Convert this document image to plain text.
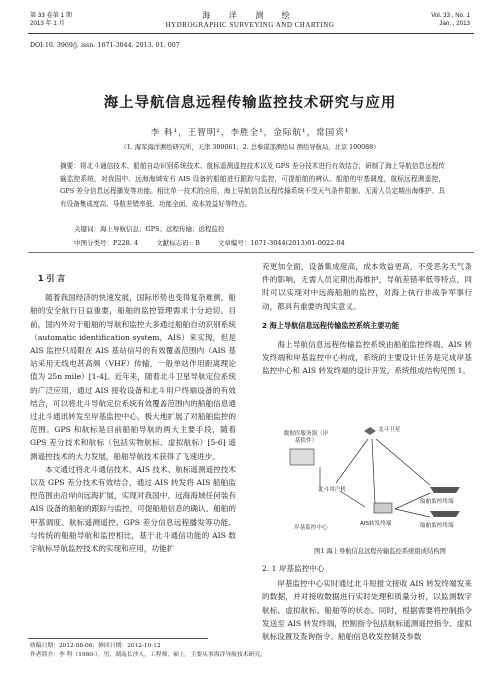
第 33 卷第 1 期
2013 年 1 月
海 洋 测 绘
HYDROGRAPHIC SURVEYING AND CHARTING
Vol. 33 , No. 1
Jan. , 2013
DOI:10. 3969/j. issn. 1671-3044. 2013. 01. 007
海上导航信息远程传输监控技术研究与应用
李 科¹，王智明²，李胜全¹，金际航¹，常国宾¹
（1. 海军海洋测绘研究所，天津 300061；2. 总参谋部测绘局 测绘导航局，北京 100088）
摘要：将北斗通信技术、船舶自动识别系统技术、航标遥测遥控技术以及 GPS 差分技术进行有效结合，研制了海上导航信息远程传输监控系统，对我国中、远海海域安有 AIS 设备的船舶进行跟踪与监控，可提船舶的辨认、船舶的甲基调度，航标远程测遥控，GPS 差分信息远程播发等功能。相比单一技术的应用，海上导航信息远程传输系统不受天气条件限制、无需人员定期出海维护、具有设备集成度高、导航差错率低、功能全面、成本效益好等特点。
关键词：海上导航信息；GPS；远程传输；远程监控
中图分类号：P228. 4	文献标志码：B	文章编号：1671-3044(2013)01-0022-04
1 引 言

随着我国经济的快速发展，国际形势也变得复杂难测，船舶的安全航行日益重要，船舶的监控管理需求十分迫切。目前，国内外对于船舶的导航和监控大多通过船舶自动识别系统（automatic identification system，AIS）来实现，但是 AIS 监控只局限在 AIS 基站信号的有效覆盖范围内（AIS 基站采用无线电甚高频（VHF）传输，一般单站作用距离理论值为 25n mile）[1-4]。近年来，随着北斗卫星导航定位系统的广泛应用，通过 AIS 接收设备和北斗用户终端设备的有效结合，可以将北斗导航定位系统有效覆盖范围内的船舶信息通过北斗通讯转发至岸基监控中心，极大地扩展了对船舶监控的范围。GPS 和航标是目前船舶导航的两大主要手段，随着 GPS 差分技术和航标（包括实物航标、虚拟航标）[5-6] 遥测遥控技术的大力发展，船舶导航技术获得了飞速进步。

本文通过将北斗通信技术、AIS 技术、航标遥测遥控技术以及 GPS 差分技术有效结合，通过 AIS 转发将 AIS 船舶监控范围由沿岸向远海扩展，实现对我国中、远海海域任何装有 AIS 设备的船舶的跟踪与监控，可提船舶信息的确认、船舶的甲基调度、航标遥测遥控、GPS 差分信息远程播发等功能。与传统的船舶导航和监控相比，基于北斗通信功能的 AIS 数字航标导航监控技术的实现和应用，功能扩

充更加全面，设备集成度高，成本效益更高，不受恶劣天气条件的影响，无需人员定期出海维护，导航差错率低等特点，同时可以实现对中远海船舶的监控，对海上执行非战争军事行动，都具有重要的现实意义。

2 海上导航信息远程传输监控系统主要功能

海上导航信息远程传输监控系统由船舶监控终端、AIS 转发终端和岸基监控中心构成，系统的主要设计任务是完成岸基监控中心和 AIS 转发终端的设计开发，系统组成结构见图 1。

北斗卫星
数据库服务器（岸基软件）
北斗用户机
岸基监控中心
AIS转发终端
船舶监控终端
船舶监控终端
图1 海上导航信息远程传输监控系统组成结构图
2. 1 岸基监控中心

岸基监控中心实时通过北斗短报文接收 AIS 转发终端发来的数据，并对接收数据进行实时处理和质量分析，以监测数字航标，虚拟航标、船舶等的状态。同时，根据需要将控制指令发送至 AIS 转发终端，控制指令包括航标遥测遥控指令、虚拟航标设置及查询指令、船舶信息收发控制及参数

收稿日期：2012-08-06；修回日期：2012-10-12
作者简介：李 科（1980-），男，湖南长沙人，工程师，硕士，主要从事海洋导航技术研究。
